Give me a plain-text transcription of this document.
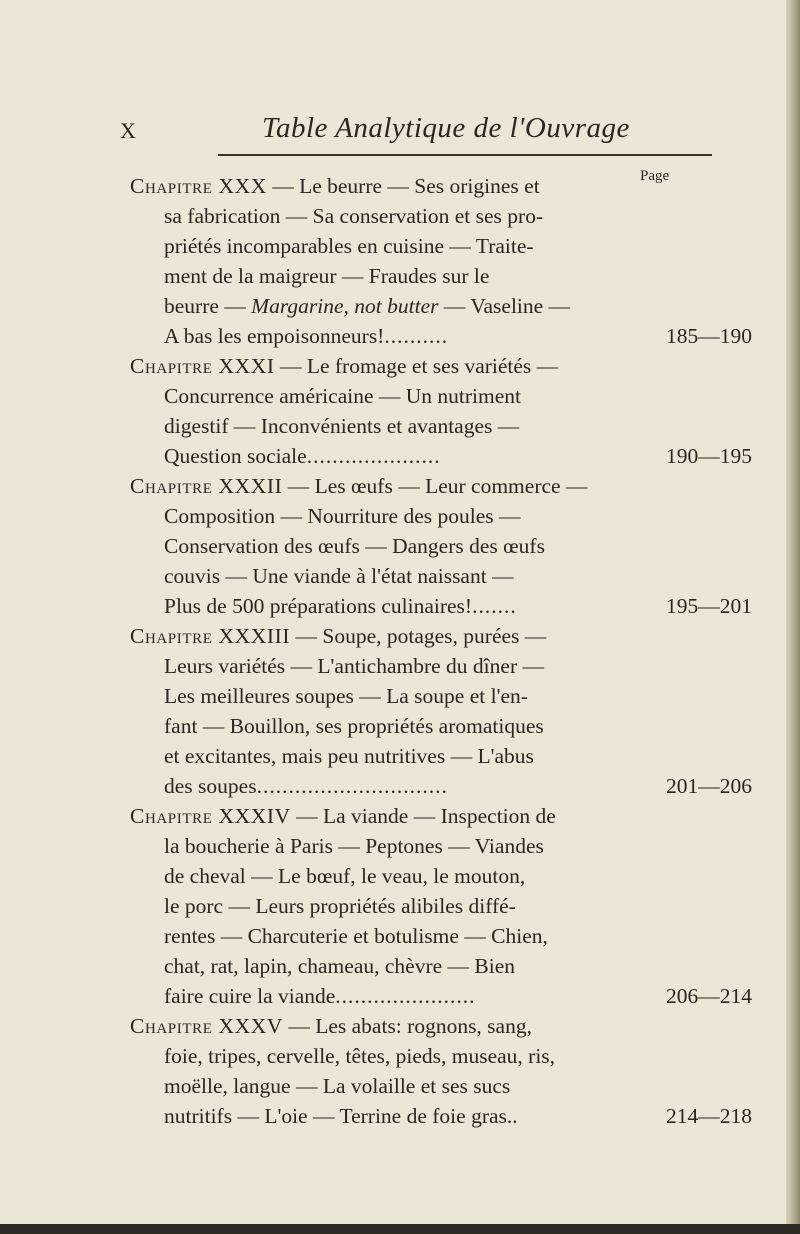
X	Table Analytique de l'Ouvrage
Page
Chapitre XXX — Le beurre — Ses origines et
sa fabrication — Sa conservation et ses pro-
priétés incomparables en cuisine — Traite-
ment de la maigreur — Fraudes sur le
beurre — Margarine, not butter — Vaseline —
A bas les empoisonneurs!..........	185—190
Chapitre XXXI — Le fromage et ses variétés —
Concurrence américaine — Un nutriment
digestif — Inconvénients et avantages —
Question sociale.....................	190—195
Chapitre XXXII — Les œufs — Leur commerce —
Composition — Nourriture des poules —
Conservation des œufs — Dangers des œufs
couvis — Une viande à l'état naissant —
Plus de 500 préparations culinaires!.......	195—201
Chapitre XXXIII — Soupe, potages, purées —
Leurs variétés — L'antichambre du dîner —
Les meilleures soupes — La soupe et l'en-
fant — Bouillon, ses propriétés aromatiques
et excitantes, mais peu nutritives — L'abus
des soupes..............................	201—206
Chapitre XXXIV — La viande — Inspection de
la boucherie à Paris — Peptones — Viandes
de cheval — Le bœuf, le veau, le mouton,
le porc — Leurs propriétés alibiles diffé-
rentes — Charcuterie et botulisme — Chien,
chat, rat, lapin, chameau, chèvre — Bien
faire cuire la viande......................	206—214
Chapitre XXXV — Les abats: rognons, sang,
foie, tripes, cervelle, têtes, pieds, museau, ris,
moëlle, langue — La volaille et ses sucs
nutritifs — L'oie — Terrine de foie gras..	214—218
